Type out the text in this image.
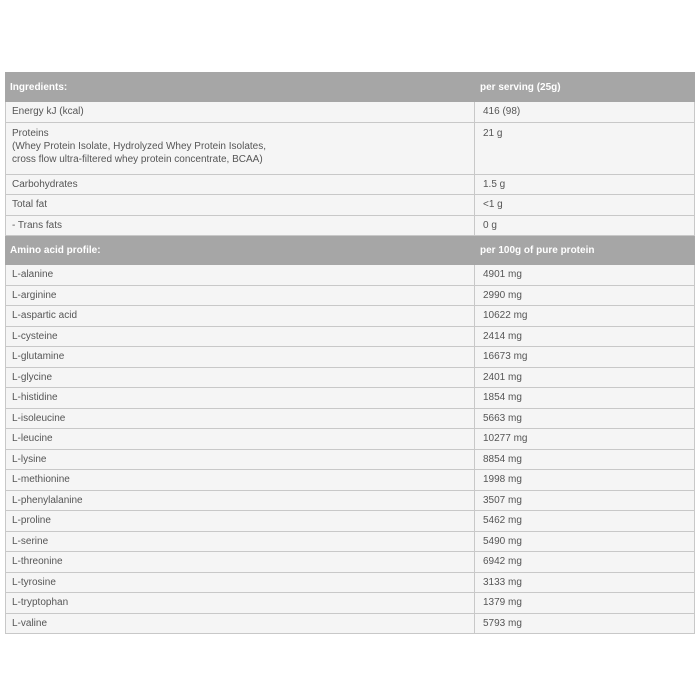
Ingredients:	per serving (25g)
Energy kJ (kcal)	416 (98)

Proteins
(Whey Protein Isolate, Hydrolyzed Whey Protein Isolates,
cross flow ultra-filtered whey protein concentrate, BCAA)	21 g
Carbohydrates	1.5 g
Total fat	<1 g
- Trans fats	0 g
Amino acid profile:	per 100g of pure protein
L-alanine	4901 mg
L-arginine	2990 mg
L-aspartic acid	10622 mg
L-cysteine	2414 mg
L-glutamine	16673 mg
L-glycine	2401 mg
L-histidine	1854 mg
L-isoleucine	5663 mg
L-leucine	10277 mg
L-lysine	8854 mg
L-methionine	1998 mg
L-phenylalanine	3507 mg
L-proline	5462 mg
L-serine	5490 mg
L-threonine	6942 mg
L-tyrosine	3133 mg
L-tryptophan	1379 mg
L-valine	5793 mg
